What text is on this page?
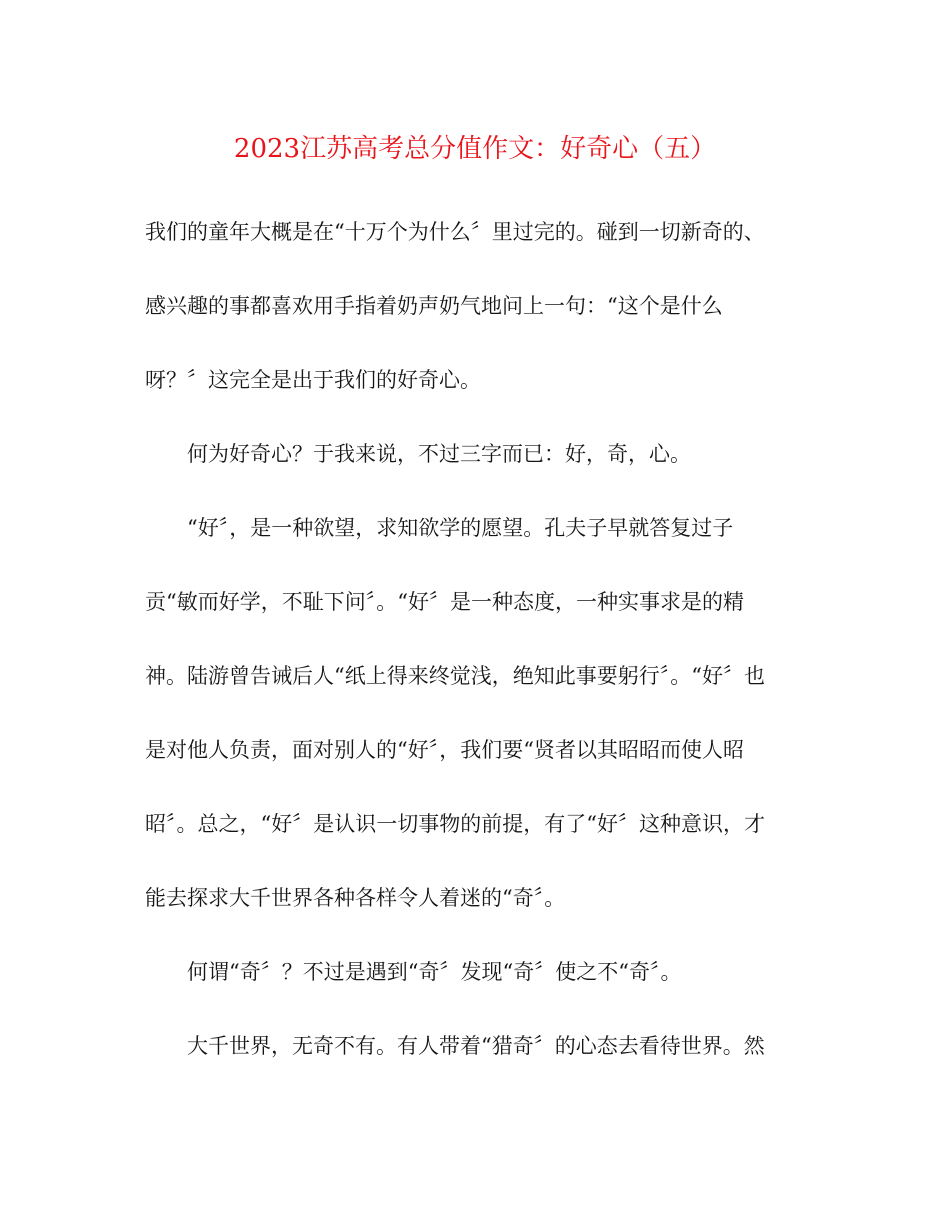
2023江苏高考总分值作文：好奇心（五）
我们的童年大概是在“十万个为什么〞里过完的。碰到一切新奇的、
感兴趣的事都喜欢用手指着奶声奶气地问上一句：“这个是什么
呀？〞这完全是出于我们的好奇心。
何为好奇心？于我来说，不过三字而已：好，奇，心。
“好〞，是一种欲望，求知欲学的愿望。孔夫子早就答复过子
贡“敏而好学，不耻下问〞。“好〞是一种态度，一种实事求是的精
神。陆游曾告诫后人“纸上得来终觉浅，绝知此事要躬行〞。“好〞也
是对他人负责，面对别人的“好〞，我们要“贤者以其昭昭而使人昭
昭〞。总之，“好〞是认识一切事物的前提，有了“好〞这种意识，才
能去探求大千世界各种各样令人着迷的“奇〞。
何谓“奇〞？不过是遇到“奇〞发现“奇〞使之不“奇〞。
大千世界，无奇不有。有人带着“猎奇〞的心态去看待世界。然
